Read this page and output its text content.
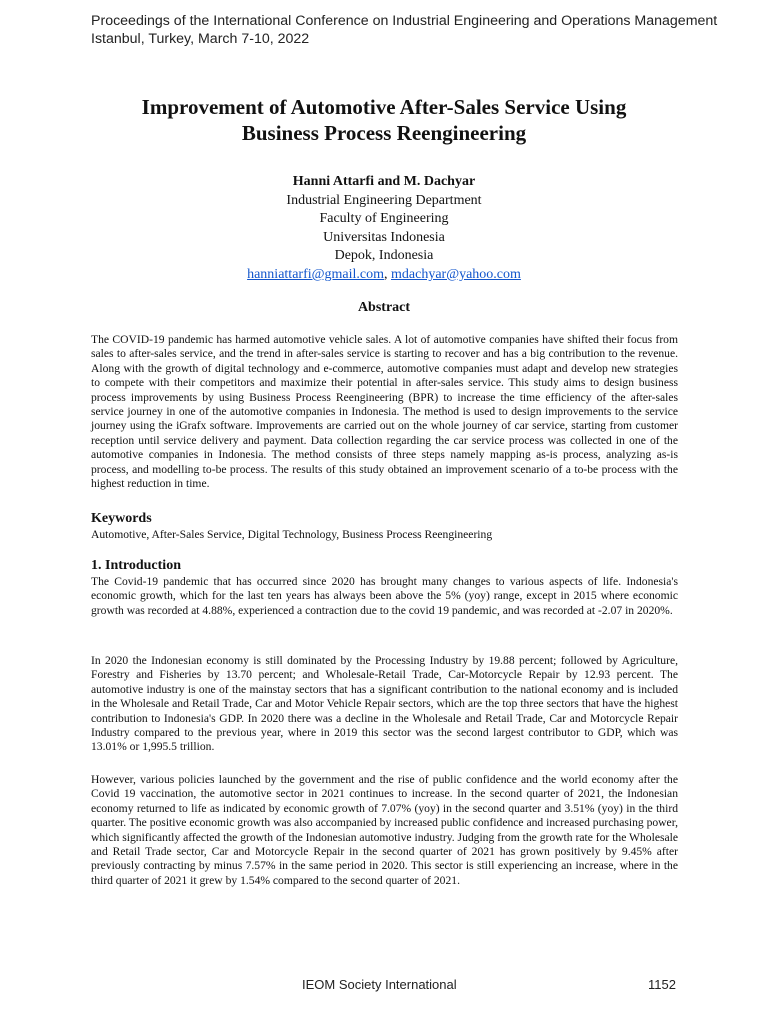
Proceedings of the International Conference on Industrial Engineering and Operations Management
Istanbul, Turkey, March 7-10, 2022
Improvement of Automotive After-Sales Service Using
Business Process Reengineering
Hanni Attarfi and M. Dachyar
Industrial Engineering Department
Faculty of Engineering
Universitas Indonesia
Depok, Indonesia
hanniattarfi@gmail.com, mdachyar@yahoo.com
Abstract

The COVID-19 pandemic has harmed automotive vehicle sales. A lot of automotive companies have shifted their focus from sales to after-sales service, and the trend in after-sales service is starting to recover and has a big contribution to the revenue. Along with the growth of digital technology and e-commerce, automotive companies must adapt and develop new strategies to compete with their competitors and maximize their potential in after-sales service. This study aims to design business process improvements by using Business Process Reengineering (BPR) to increase the time efficiency of the after-sales service journey in one of the automotive companies in Indonesia. The method is used to design improvements to the service journey using the iGrafx software. Improvements are carried out on the whole journey of car service, starting from customer reception until service delivery and payment. Data collection regarding the car service process was collected in one of the automotive companies in Indonesia. The method consists of three steps namely mapping as-is process, analyzing as-is process, and modelling to-be process. The results of this study obtained an improvement scenario of a to-be process with the highest reduction in time.

Keywords

Automotive, After-Sales Service, Digital Technology, Business Process Reengineering

1. Introduction

The Covid-19 pandemic that has occurred since 2020 has brought many changes to various aspects of life. Indonesia's economic growth, which for the last ten years has always been above the 5% (yoy) range, except in 2015 where economic growth was recorded at 4.88%, experienced a contraction due to the covid 19 pandemic, and was recorded at -2.07 in 2020%.

In 2020 the Indonesian economy is still dominated by the Processing Industry by 19.88 percent; followed by Agriculture, Forestry and Fisheries by 13.70 percent; and Wholesale-Retail Trade, Car-Motorcycle Repair by 12.93 percent. The automotive industry is one of the mainstay sectors that has a significant contribution to the national economy and is included in the Wholesale and Retail Trade, Car and Motor Vehicle Repair sectors, which are the top three sectors that have the highest contribution to Indonesia's GDP. In 2020 there was a decline in the Wholesale and Retail Trade, Car and Motorcycle Repair Industry compared to the previous year, where in 2019 this sector was the second largest contributor to GDP, which was 13.01% or 1,995.5 trillion.

However, various policies launched by the government and the rise of public confidence and the world economy after the Covid 19 vaccination, the automotive sector in 2021 continues to increase. In the second quarter of 2021, the Indonesian economy returned to life as indicated by economic growth of 7.07% (yoy) in the second quarter and 3.51% (yoy) in the third quarter. The positive economic growth was also accompanied by increased public confidence and increased purchasing power, which significantly affected the growth of the Indonesian automotive industry. Judging from the growth rate for the Wholesale and Retail Trade sector, Car and Motorcycle Repair in the second quarter of 2021 has grown positively by 9.45% after previously contracting by minus 7.57% in the same period in 2020. This sector is still experiencing an increase, where in the third quarter of 2021 it grew by 1.54% compared to the second quarter of 2021.

IEOM Society International	1152
